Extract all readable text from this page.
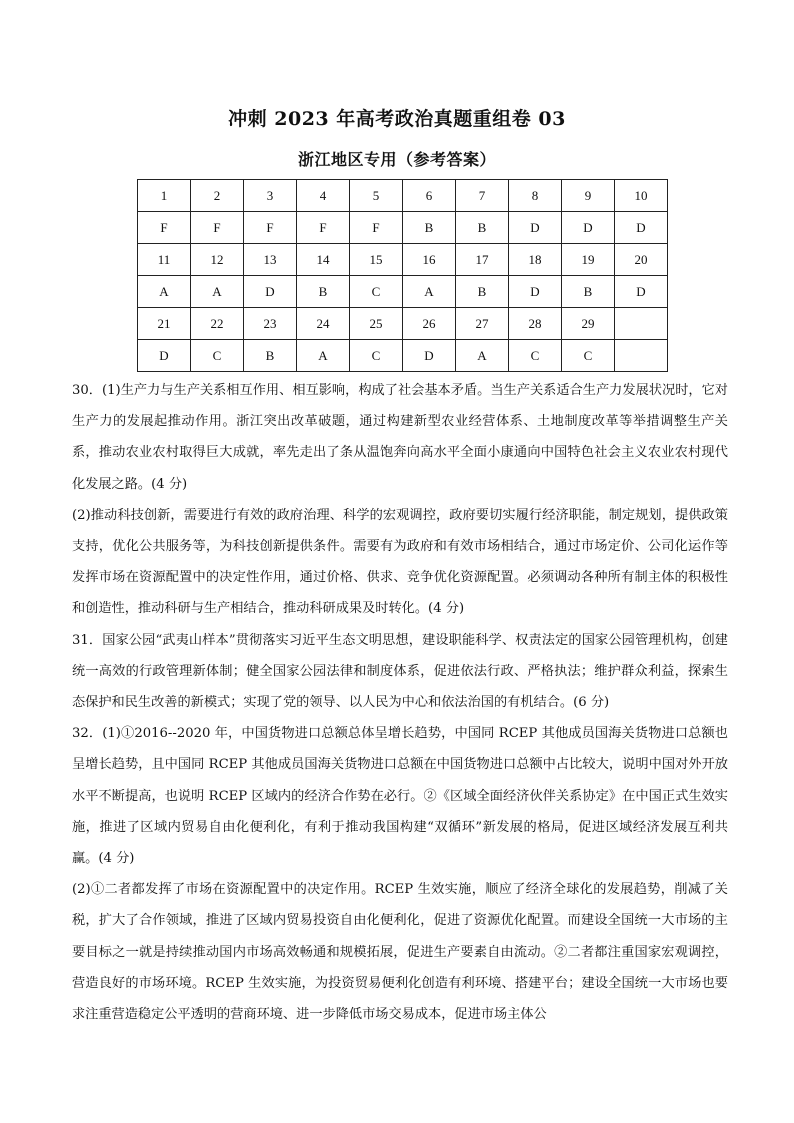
冲刺 2023 年高考政治真题重组卷 03
浙江地区专用（参考答案）
1	2	3	4	5	6	7	8	9	10
F	F	F	F	F	B	B	D	D	D
11	12	13	14	15	16	17	18	19	20
A	A	D	B	C	A	B	D	B	D
21	22	23	24	25	26	27	28	29	
D	C	B	A	C	D	A	C	C	

30．(1)生产力与生产关系相互作用、相互影响，构成了社会基本矛盾。当生产关系适合生产力发展状况时，它对生产力的发展起推动作用。浙江突出改革破题，通过构建新型农业经营体系、土地制度改革等举措调整生产关系，推动农业农村取得巨大成就，率先走出了条从温饱奔向高水平全面小康通向中国特色社会主义农业农村现代化发展之路。(4 分)

(2)推动科技创新，需要进行有效的政府治理、科学的宏观调控，政府要切实履行经济职能，制定规划，提供政策支持，优化公共服务等，为科技创新提供条件。需要有为政府和有效市场相结合，通过市场定价、公司化运作等发挥市场在资源配置中的决定性作用，通过价格、供求、竞争优化资源配置。必须调动各种所有制主体的积极性和创造性，推动科研与生产相结合，推动科研成果及时转化。(4 分)

31．国家公园“武夷山样本”贯彻落实习近平生态文明思想，建设职能科学、权责法定的国家公园管理机构，创建统一高效的行政管理新体制；健全国家公园法律和制度体系，促进依法行政、严格执法；维护群众利益，探索生态保护和民生改善的新模式；实现了党的领导、以人民为中心和依法治国的有机结合。(6 分)

32．(1)①2016--2020 年，中国货物进口总额总体呈增长趋势，中国同 RCEP 其他成员国海关货物进口总额也呈增长趋势，且中国同 RCEP 其他成员国海关货物进口总额在中国货物进口总额中占比较大，说明中国对外开放水平不断提高，也说明 RCEP 区域内的经济合作势在必行。②《区域全面经济伙伴关系协定》在中国正式生效实施，推进了区域内贸易自由化便利化，有利于推动我国构建“双循环”新发展的格局，促进区域经济发展互利共赢。(4 分)

(2)①二者都发挥了市场在资源配置中的决定作用。RCEP 生效实施，顺应了经济全球化的发展趋势，削减了关税，扩大了合作领域，推进了区域内贸易投资自由化便利化，促进了资源优化配置。而建设全国统一大市场的主要目标之一就是持续推动国内市场高效畅通和规模拓展，促进生产要素自由流动。②二者都注重国家宏观调控，营造良好的市场环境。RCEP 生效实施，为投资贸易便利化创造有利环境、搭建平台；建设全国统一大市场也要求注重营造稳定公平透明的营商环境、进一步降低市场交易成本，促进市场主体公
